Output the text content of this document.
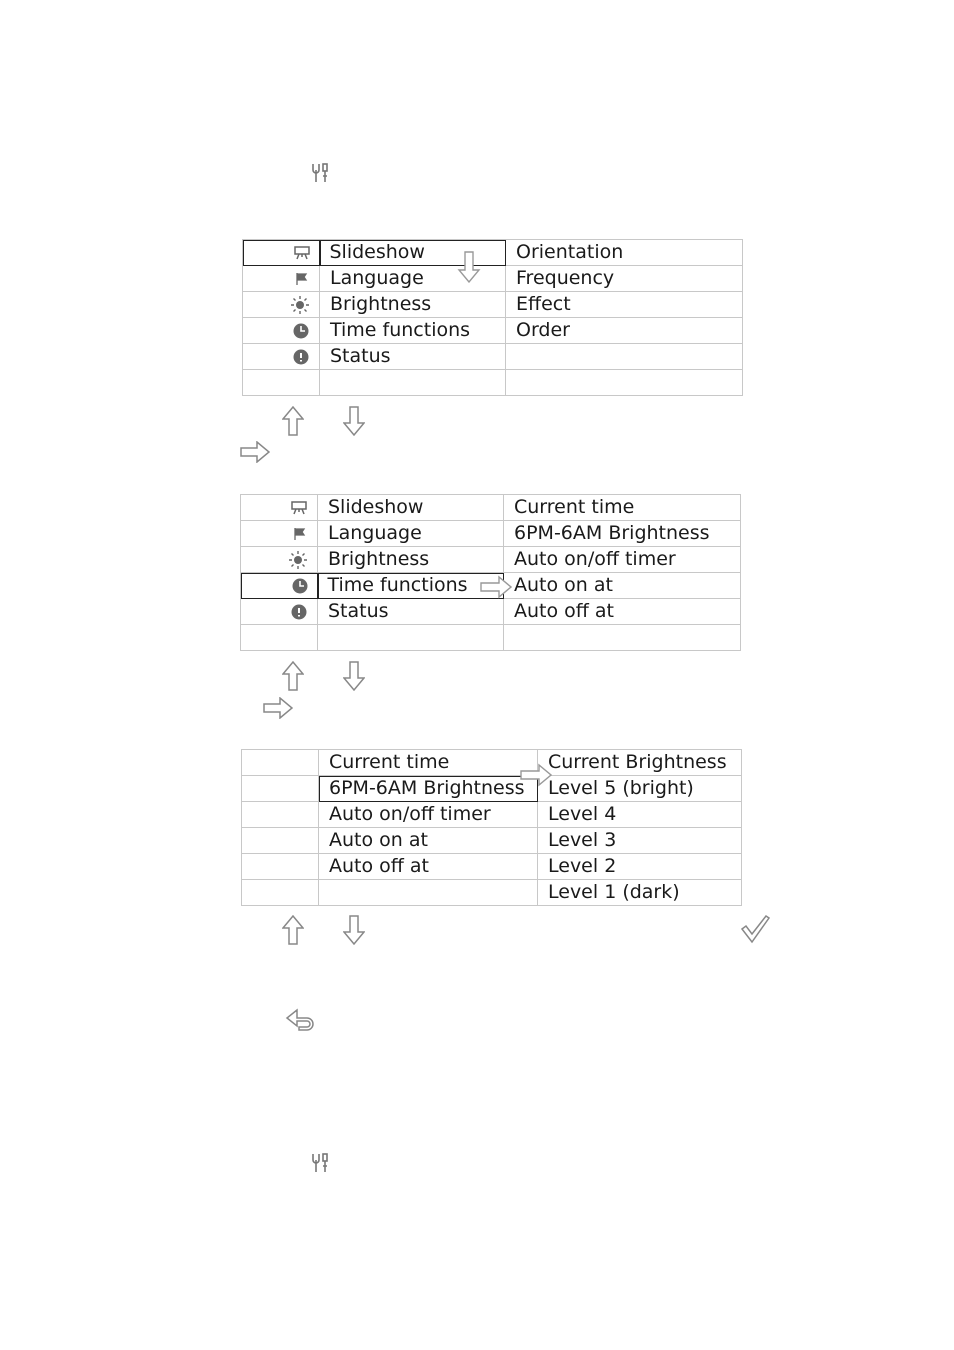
	Slideshow	Orientation
	Language	Frequency
	Brightness	Effect
	Time functions	Order
	Status	

	Slideshow	Current time
	Language	6PM-6AM Brightness
	Brightness	Auto on/off timer
	Time functions	Auto on at
	Status	Auto off at

	Current time	Current Brightness
	6PM-6AM Brightness	Level 5 (bright)
	Auto on/off timer	Level 4
	Auto on at	Level 3
	Auto off at	Level 2
		Level 1 (dark)
